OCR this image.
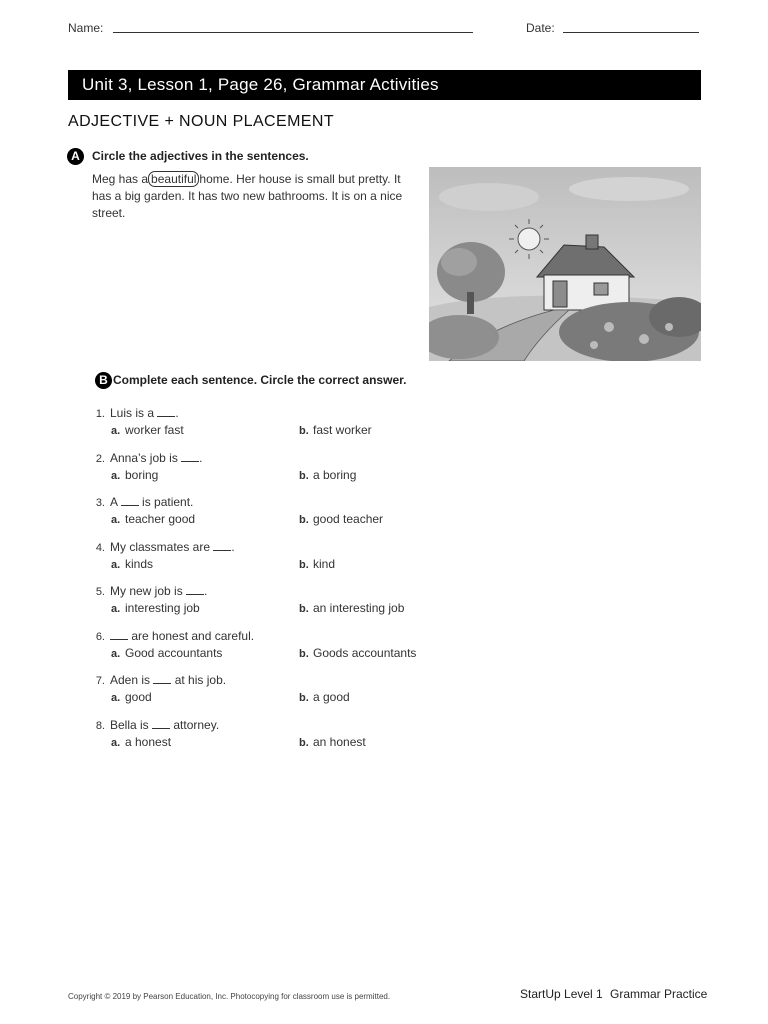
Name:	Date:
Unit 3, Lesson 1, Page 26, Grammar Activities
ADJECTIVE + NOUN PLACEMENT
A	Circle the adjectives in the sentences.
Meg has a beautiful home. Her house is small but pretty. It has a big garden. It has two new bathrooms. It is on a nice street.
B Complete each sentence. Circle the correct answer.
1. Luis is a .
a. worker fast	b. fast worker
2. Anna’s job is .
a. boring	b. a boring
3. A is patient.
a. teacher good	b. good teacher
4. My classmates are .
a. kinds	b. kind
5. My new job is .
a. interesting job	b. an interesting job
6. are honest and careful.
a. Good accountants	b. Goods accountants
7. Aden is at his job.
a. good	b. a good
8. Bella is attorney.
a. a honest	b. an honest
Copyright © 2019 by Pearson Education, Inc. Photocopying for classroom use is permitted.	StartUp Level 1 Grammar Practice
